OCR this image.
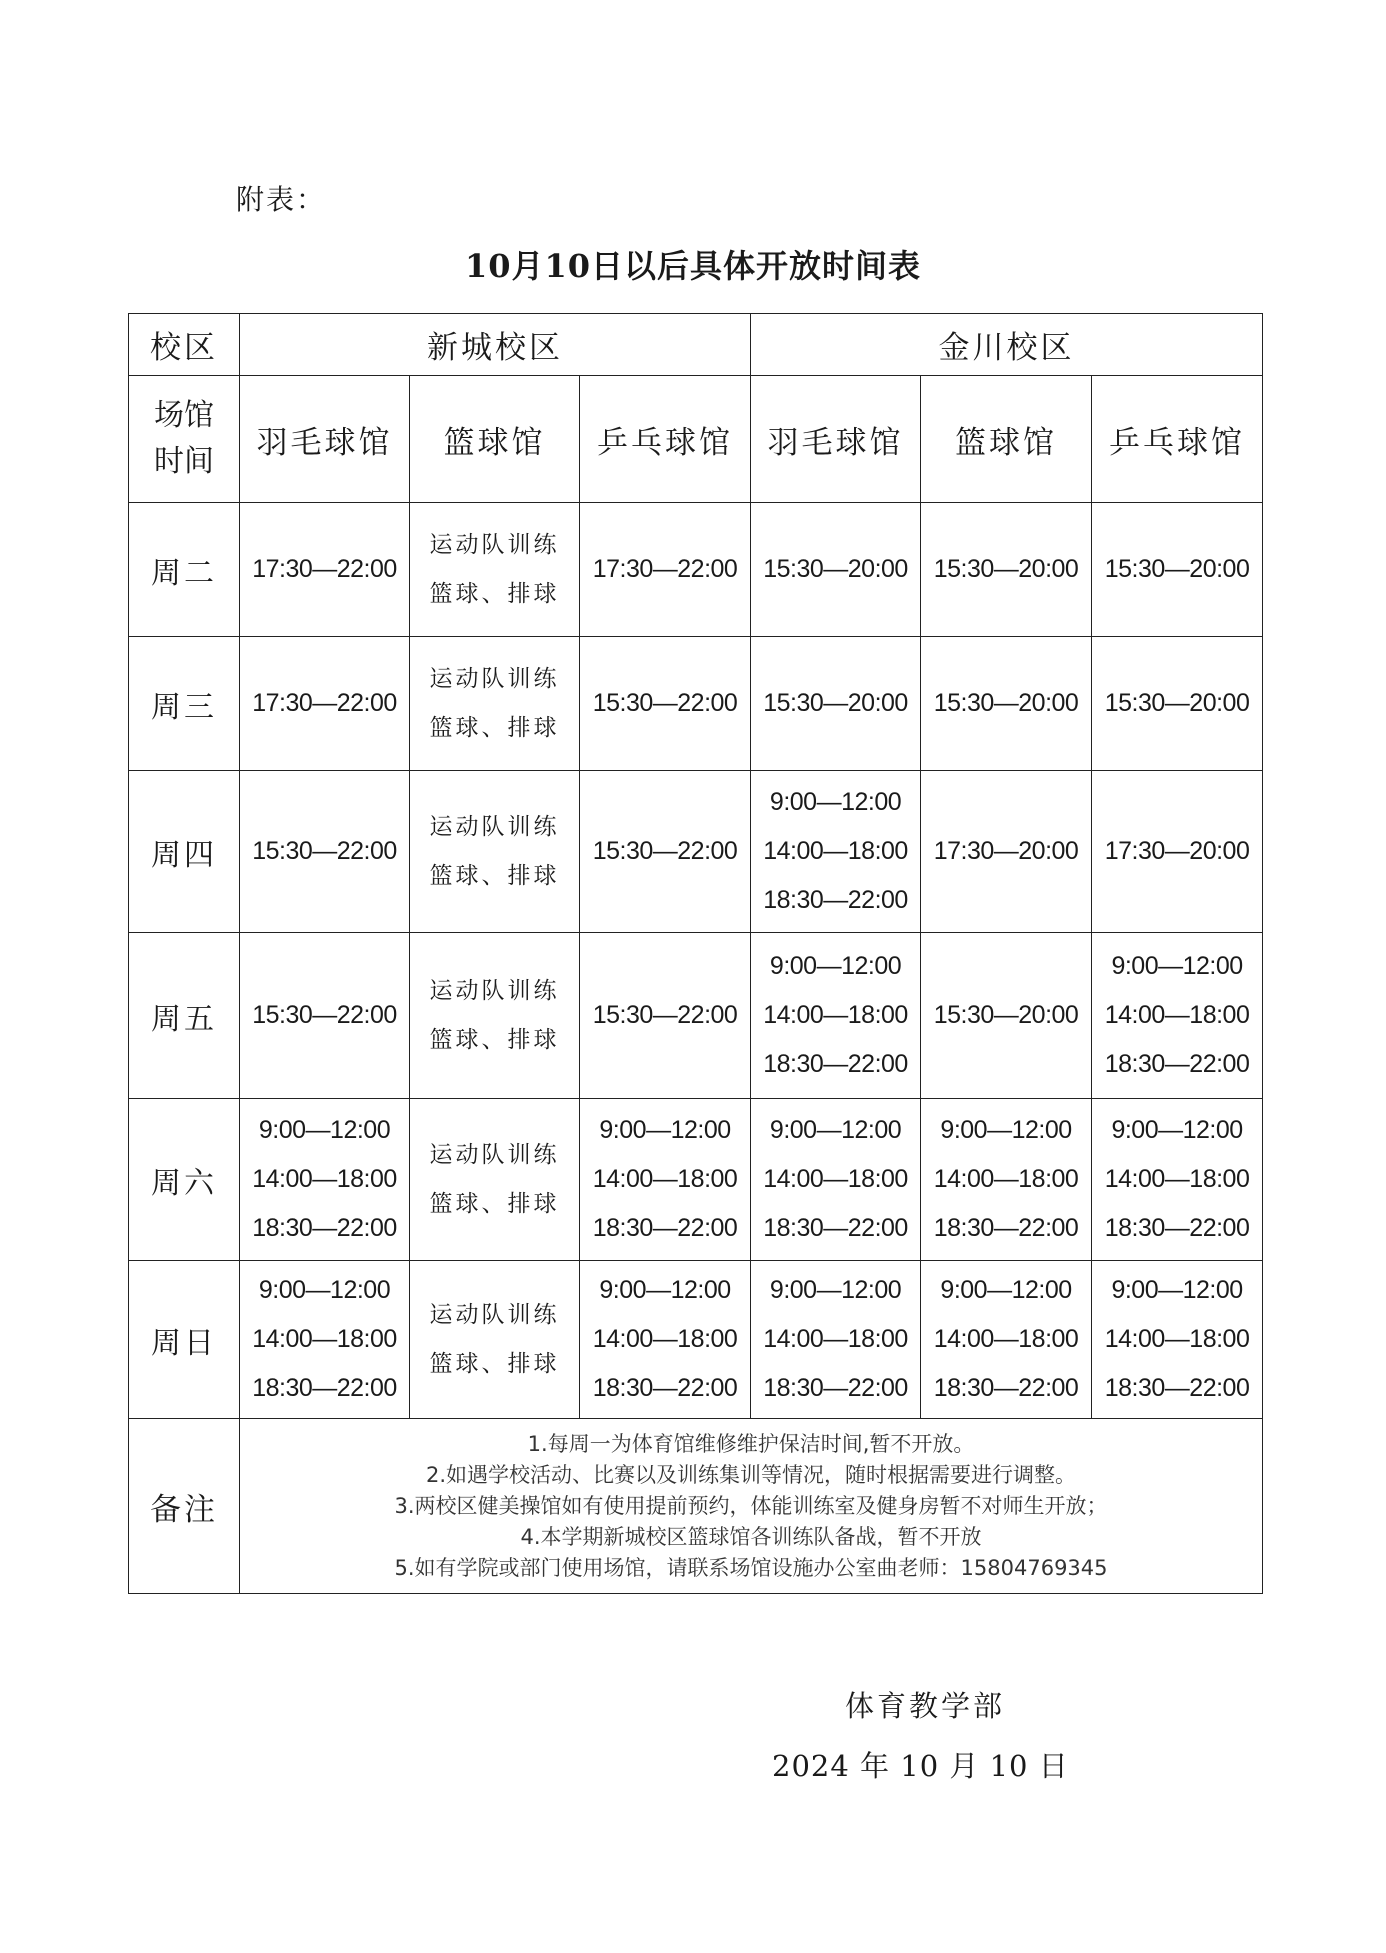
附表：
10月10日以后具体开放时间表
校区	新城校区			金川校区		

场馆
时间	羽毛球馆	篮球馆	乒乓球馆	羽毛球馆	篮球馆	乒乓球馆
周二	17:30—22:00	运动队训练
篮球、排球	17:30—22:00	15:30—20:00	15:30—20:00	15:30—20:00

周三	17:30—22:00	运动队训练
篮球、排球	15:30—22:00	15:30—20:00	15:30—20:00	15:30—20:00

周四	15:30—22:00	运动队训练
篮球、排球	15:30—22:00	9:00—12:00
14:00—18:00
18:30—22:00	17:30—20:00	17:30—20:00

周五	15:30—22:00	运动队训练
篮球、排球	15:30—22:00	9:00—12:00
14:00—18:00
18:30—22:00	15:30—20:00	9:00—12:00
14:00—18:00
18:30—22:00

周六	9:00—12:00
14:00—18:00
18:30—22:00	运动队训练
篮球、排球	9:00—12:00
14:00—18:00
18:30—22:00	9:00—12:00
14:00—18:00
18:30—22:00	9:00—12:00
14:00—18:00
18:30—22:00	9:00—12:00
14:00—18:00
18:30—22:00

周日	9:00—12:00
14:00—18:00
18:30—22:00	运动队训练
篮球、排球	9:00—12:00
14:00—18:00
18:30—22:00	9:00—12:00
14:00—18:00
18:30—22:00	9:00—12:00
14:00—18:00
18:30—22:00	9:00—12:00
14:00—18:00
18:30—22:00

备注	1.每周一为体育馆维修维护保洁时间,暂不开放。
2.如遇学校活动、比赛以及训练集训等情况，随时根据需要进行调整。
3.两校区健美操馆如有使用提前预约，体能训练室及健身房暂不对师生开放；
4.本学期新城校区篮球馆各训练队备战，暂不开放
5.如有学院或部门使用场馆，请联系场馆设施办公室曲老师：15804769345					
体育教学部
2024 年 10 月 10 日
